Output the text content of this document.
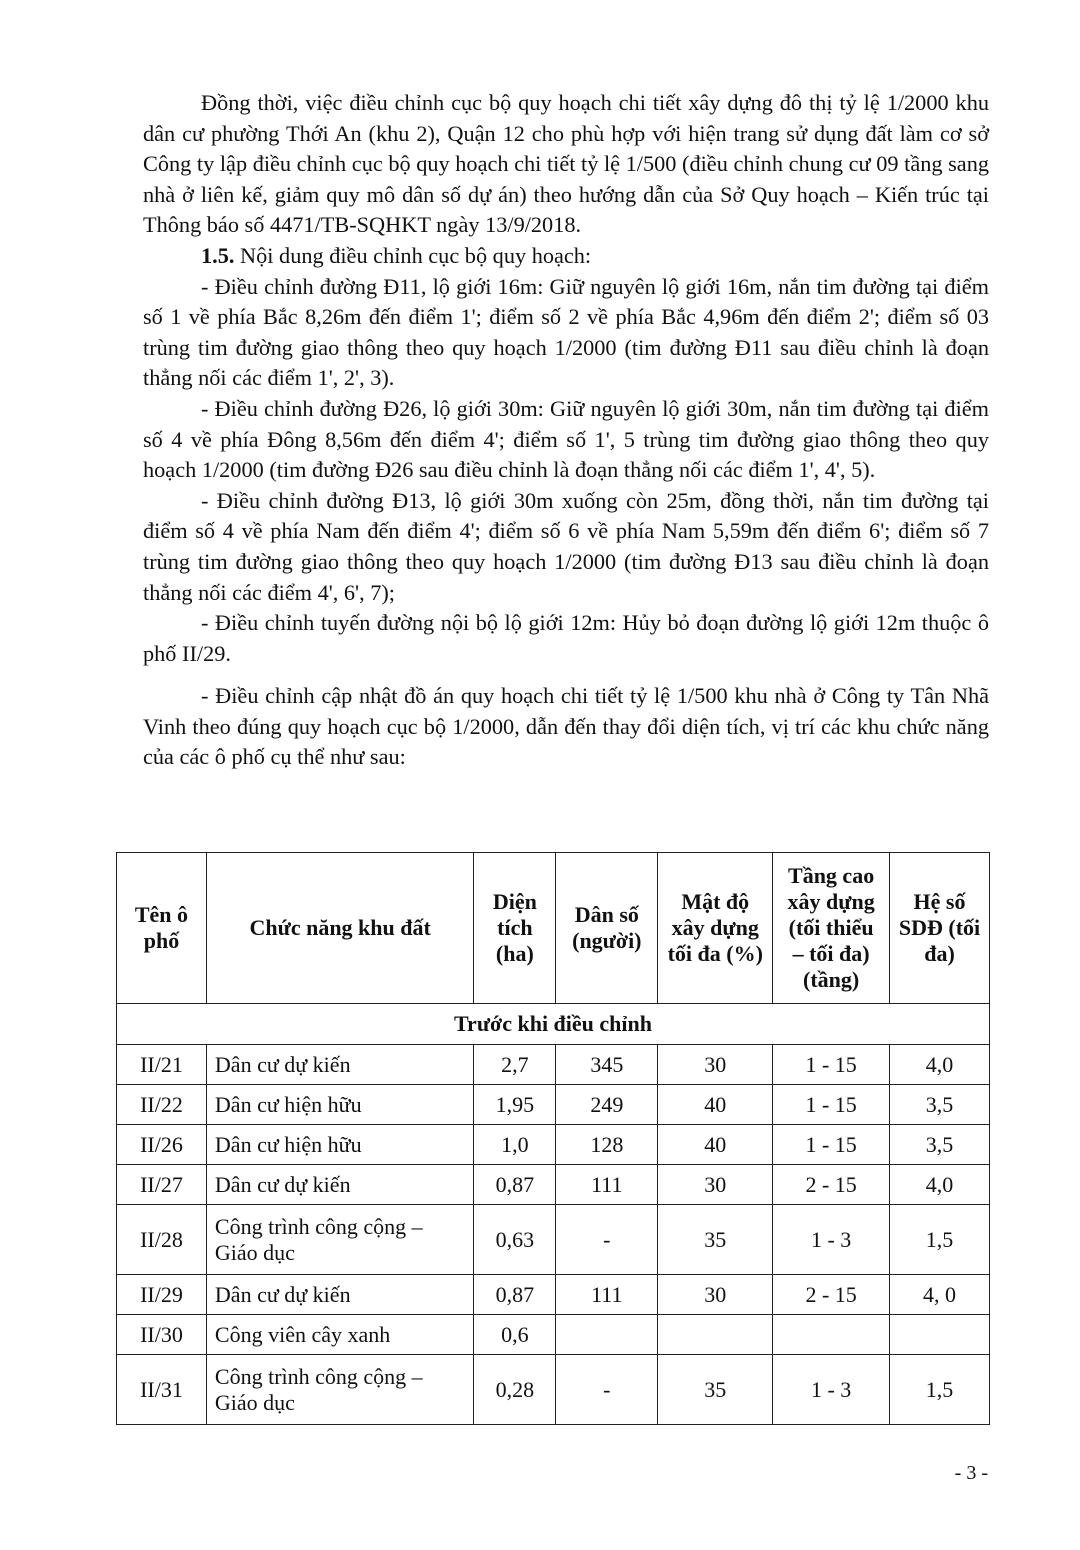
Đồng thời, việc điều chỉnh cục bộ quy hoạch chi tiết xây dựng đô thị tỷ lệ 1/2000 khu dân cư phường Thới An (khu 2), Quận 12 cho phù hợp với hiện trang sử dụng đất làm cơ sở Công ty lập điều chỉnh cục bộ quy hoạch chi tiết tỷ lệ 1/500 (điều chỉnh chung cư 09 tầng sang nhà ở liên kế, giảm quy mô dân số dự án) theo hướng dẫn của Sở Quy hoạch – Kiến trúc tại Thông báo số 4471/TB-SQHKT ngày 13/9/2018.

1.5. Nội dung điều chỉnh cục bộ quy hoạch:

- Điều chỉnh đường Đ11, lộ giới 16m: Giữ nguyên lộ giới 16m, nắn tim đường tại điểm số 1 về phía Bắc 8,26m đến điểm 1'; điểm số 2 về phía Bắc 4,96m đến điểm 2'; điểm số 03 trùng tim đường giao thông theo quy hoạch 1/2000 (tim đường Đ11 sau điều chỉnh là đoạn thẳng nối các điểm 1', 2', 3).

- Điều chỉnh đường Đ26, lộ giới 30m: Giữ nguyên lộ giới 30m, nắn tim đường tại điểm số 4 về phía Đông 8,56m đến điểm 4'; điểm số 1', 5 trùng tim đường giao thông theo quy hoạch 1/2000 (tim đường Đ26 sau điều chỉnh là đoạn thẳng nối các điểm 1', 4', 5).

- Điều chỉnh đường Đ13, lộ giới 30m xuống còn 25m, đồng thời, nắn tim đường tại điểm số 4 về phía Nam đến điểm 4'; điểm số 6 về phía Nam 5,59m đến điểm 6'; điểm số 7 trùng tim đường giao thông theo quy hoạch 1/2000 (tim đường Đ13 sau điều chỉnh là đoạn thẳng nối các điểm 4', 6', 7);

- Điều chỉnh tuyến đường nội bộ lộ giới 12m: Hủy bỏ đoạn đường lộ giới 12m thuộc ô phố II/29.

- Điều chỉnh cập nhật đồ án quy hoạch chi tiết tỷ lệ 1/500 khu nhà ở Công ty Tân Nhã Vinh theo đúng quy hoạch cục bộ 1/2000, dẫn đến thay đổi diện tích, vị trí các khu chức năng của các ô phố cụ thể như sau:

Tên ô phố	Chức năng khu đất	Diện tích (ha)	Dân số (người)	Mật độ xây dựng tối đa (%)	Tầng cao xây dựng (tối thiểu – tối đa) (tầng)	Hệ số SDĐ (tối đa)
Trước khi điều chỉnh						
II/21	Dân cư dự kiến	2,7	345	30	1 - 15	4,0
II/22	Dân cư hiện hữu	1,95	249	40	1 - 15	3,5
II/26	Dân cư hiện hữu	1,0	128	40	1 - 15	3,5
II/27	Dân cư dự kiến	0,87	111	30	2 - 15	4,0
II/28	Công trình công cộng – Giáo dục	0,63	-	35	1 - 3	1,5
II/29	Dân cư dự kiến	0,87	111	30	2 - 15	4, 0
II/30	Công viên cây xanh	0,6				
II/31	Công trình công cộng – Giáo dục	0,28	-	35	1 - 3	1,5
- 3 -
